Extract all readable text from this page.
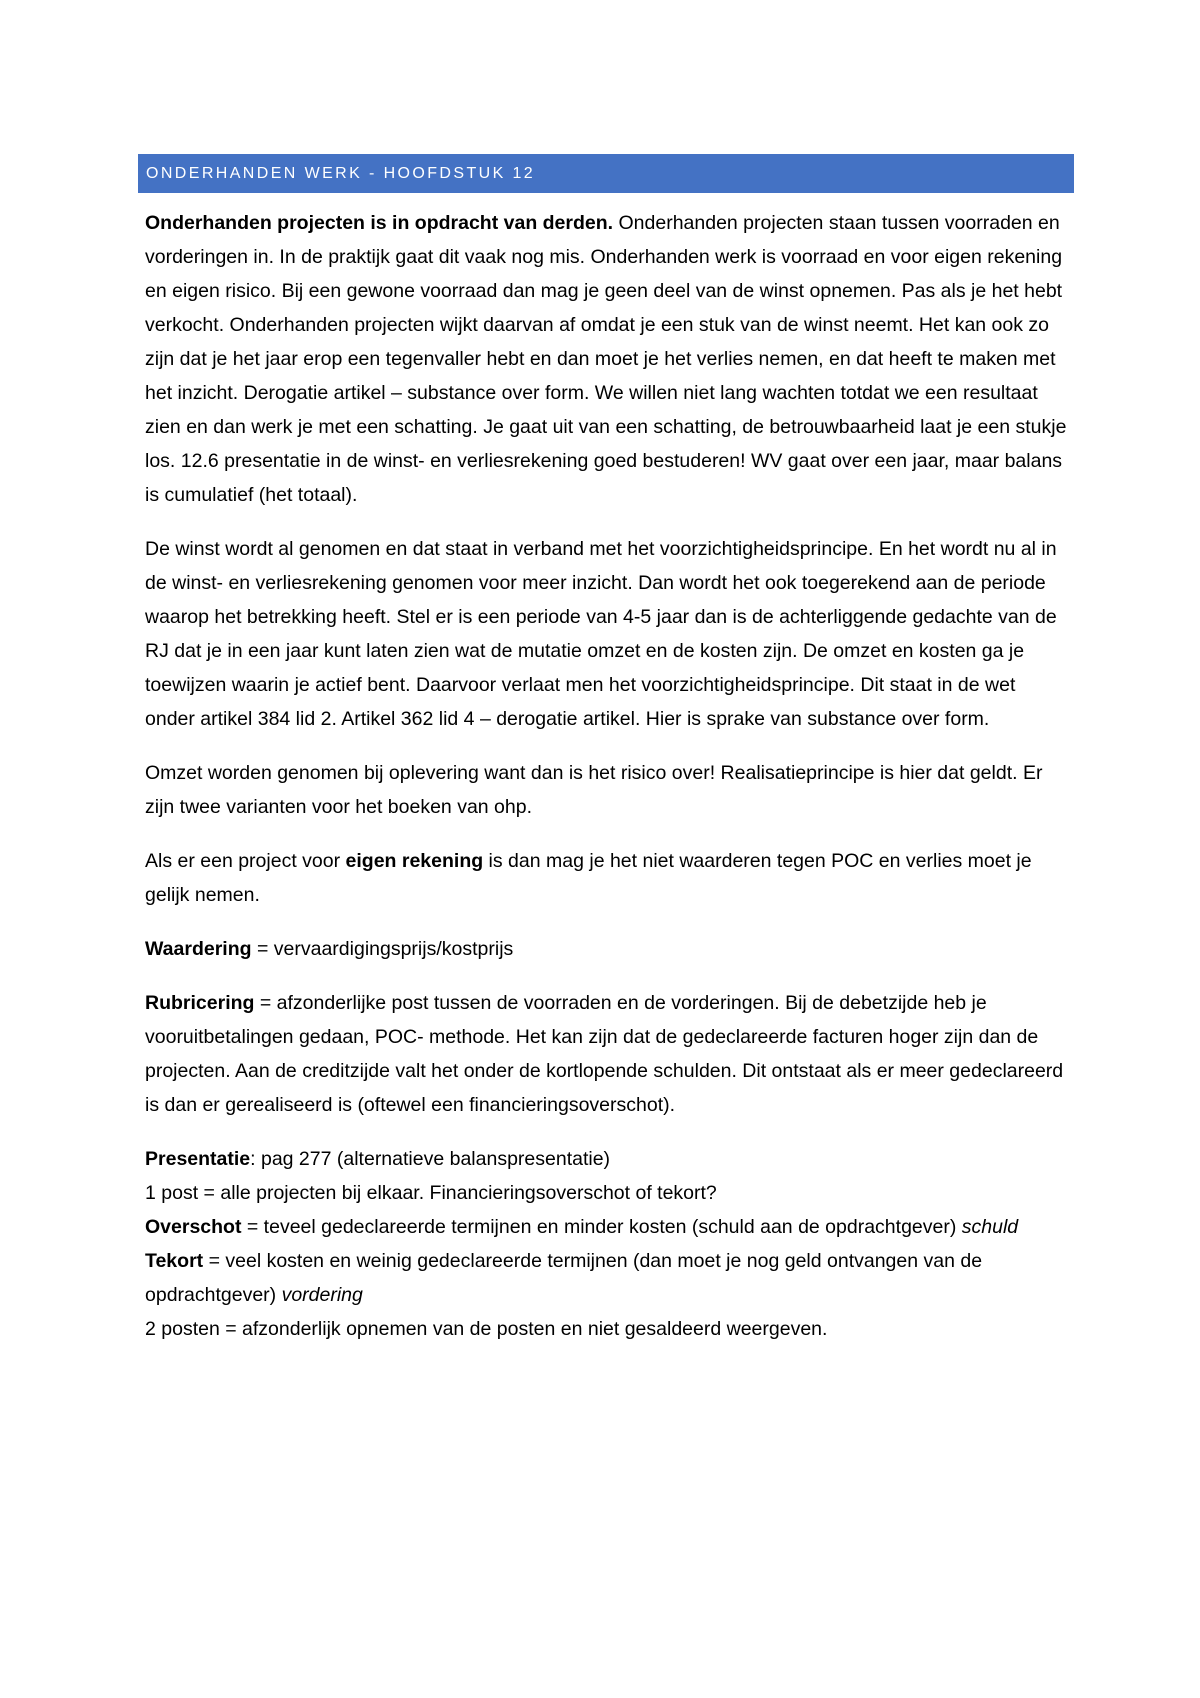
ONDERHANDEN WERK - HOOFDSTUK 12

Onderhanden projecten is in opdracht van derden. Onderhanden projecten staan tussen voorraden en vorderingen in. In de praktijk gaat dit vaak nog mis. Onderhanden werk is voorraad en voor eigen rekening en eigen risico. Bij een gewone voorraad dan mag je geen deel van de winst opnemen. Pas als je het hebt verkocht. Onderhanden projecten wijkt daarvan af omdat je een stuk van de winst neemt. Het kan ook zo zijn dat je het jaar erop een tegenvaller hebt en dan moet je het verlies nemen, en dat heeft te maken met het inzicht. Derogatie artikel – substance over form. We willen niet lang wachten totdat we een resultaat zien en dan werk je met een schatting. Je gaat uit van een schatting, de betrouwbaarheid laat je een stukje los. 12.6 presentatie in de winst- en verliesrekening goed bestuderen! WV gaat over een jaar, maar balans is cumulatief (het totaal).

De winst wordt al genomen en dat staat in verband met het voorzichtigheidsprincipe. En het wordt nu al in de winst- en verliesrekening genomen voor meer inzicht. Dan wordt het ook toegerekend aan de periode waarop het betrekking heeft. Stel er is een periode van 4-5 jaar dan is de achterliggende gedachte van de RJ dat je in een jaar kunt laten zien wat de mutatie omzet en de kosten zijn. De omzet en kosten ga je toewijzen waarin je actief bent. Daarvoor verlaat men het voorzichtigheidsprincipe. Dit staat in de wet onder artikel 384 lid 2. Artikel 362 lid 4 – derogatie artikel. Hier is sprake van substance over form.

Omzet worden genomen bij oplevering want dan is het risico over! Realisatieprincipe is hier dat geldt. Er zijn twee varianten voor het boeken van ohp.

Als er een project voor eigen rekening is dan mag je het niet waarderen tegen POC en verlies moet je gelijk nemen.

Waardering = vervaardigingsprijs/kostprijs

Rubricering = afzonderlijke post tussen de voorraden en de vorderingen. Bij de debetzijde heb je vooruitbetalingen gedaan, POC- methode. Het kan zijn dat de gedeclareerde facturen hoger zijn dan de projecten. Aan de creditzijde valt het onder de kortlopende schulden. Dit ontstaat als er meer gedeclareerd is dan er gerealiseerd is (oftewel een financieringsoverschot).

Presentatie: pag 277 (alternatieve balanspresentatie)

1 post = alle projecten bij elkaar. Financieringsoverschot of tekort?

Overschot = teveel gedeclareerde termijnen en minder kosten (schuld aan de opdrachtgever) schuld

Tekort = veel kosten en weinig gedeclareerde termijnen (dan moet je nog geld ontvangen van de opdrachtgever) vordering

2 posten = afzonderlijk opnemen van de posten en niet gesaldeerd weergeven.
